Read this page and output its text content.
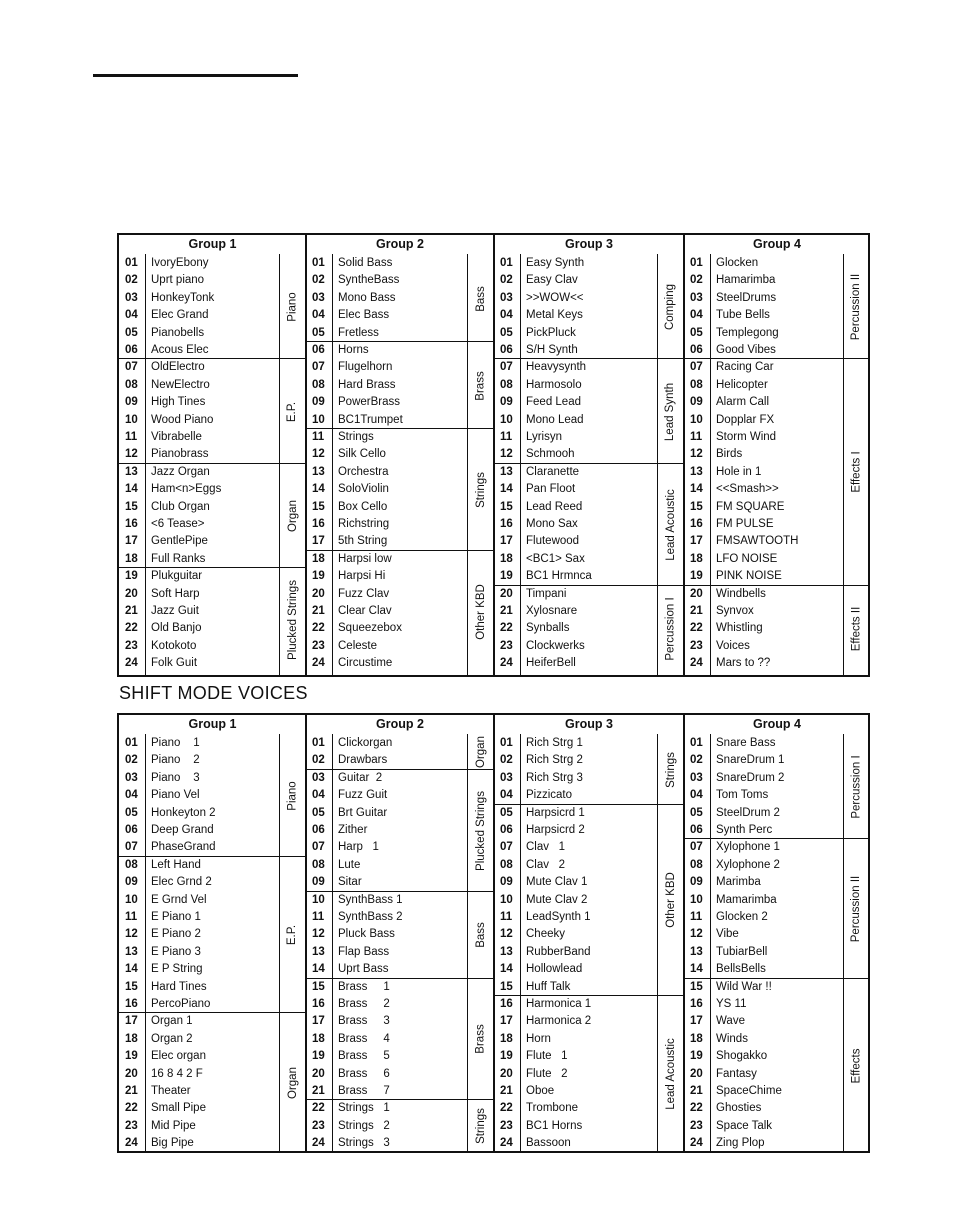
Group 1
01 IvoryEbony
02 Uprt piano
03 HonkeyTonk
04 Elec Grand
05 Pianobells
06 Acous Elec
07 OldElectro
08 NewElectro
09 High Tines
10 Wood Piano
11 Vibrabelle
12 Pianobrass
13 Jazz Organ
14 Ham<n>Eggs
15 Club Organ
16 <6 Tease>
17 GentlePipe
18 Full Ranks
19 Plukguitar
20 Soft Harp
21 Jazz Guit
22 Old Banjo
23 Kotokoto
24 Folk Guit
Piano
E.P.
Organ
Plucked Strings
Group 2
01 Solid Bass
02 SyntheBass
03 Mono Bass
04 Elec Bass
05 Fretless
06 Horns
07 Flugelhorn
08 Hard Brass
09 PowerBrass
10 BC1Trumpet
11 Strings
12 Silk Cello
13 Orchestra
14 SoloViolin
15 Box Cello
16 Richstring
17 5th String
18 Harpsi low
19 Harpsi Hi
20 Fuzz Clav
21 Clear Clav
22 Squeezebox
23 Celeste
24 Circustime
Bass
Brass
Strings
Other KBD
Group 3
01 Easy Synth
02 Easy Clav
03 >>WOW<<
04 Metal Keys
05 PickPluck
06 S/H Synth
07 Heavysynth
08 Harmosolo
09 Feed Lead
10 Mono Lead
11 Lyrisyn
12 Schmooh
13 Claranette
14 Pan Floot
15 Lead Reed
16 Mono Sax
17 Flutewood
18 <BC1> Sax
19 BC1 Hrmnca
20 Timpani
21 Xylosnare
22 Synballs
23 Clockwerks
24 HeiferBell
Comping
Lead Synth
Lead Acoustic
Percussion I
Group 4
01 Glocken
02 Hamarimba
03 SteelDrums
04 Tube Bells
05 Templegong
06 Good Vibes
07 Racing Car
08 Helicopter
09 Alarm Call
10 Dopplar FX
11 Storm Wind
12 Birds
13 Hole in 1
14 <<Smash>>
15 FM SQUARE
16 FM PULSE
17 FMSAWTOOTH
18 LFO NOISE
19 PINK NOISE
20 Windbells
21 Synvox
22 Whistling
23 Voices
24 Mars to ??
Percussion II
Effects I
Effects II
SHIFT MODE VOICES
Group 1
01 Piano    1
02 Piano    2
03 Piano    3
04 Piano Vel
05 Honkeyton 2
06 Deep Grand
07 PhaseGrand
08 Left Hand
09 Elec Grnd 2
10 E Grnd Vel
11 E Piano 1
12 E Piano 2
13 E Piano 3
14 E P String
15 Hard Tines
16 PercoPiano
17 Organ 1
18 Organ 2
19 Elec organ
20 16 8 4 2 F
21 Theater
22 Small Pipe
23 Mid Pipe
24 Big Pipe
Piano
E.P.
Organ
Group 2
01 Clickorgan
02 Drawbars
03 Guitar  2
04 Fuzz Guit
05 Brt Guitar
06 Zither
07 Harp   1
08 Lute
09 Sitar
10 SynthBass 1
11 SynthBass 2
12 Pluck Bass
13 Flap Bass
14 Uprt Bass
15 Brass     1
16 Brass     2
17 Brass     3
18 Brass     4
19 Brass     5
20 Brass     6
21 Brass     7
22 Strings   1
23 Strings   2
24 Strings   3
Organ
Plucked Strings
Bass
Brass
Strings
Group 3
01 Rich Strg 1
02 Rich Strg 2
03 Rich Strg 3
04 Pizzicato
05 Harpsicrd 1
06 Harpsicrd 2
07 Clav   1
08 Clav   2
09 Mute Clav 1
10 Mute Clav 2
11 LeadSynth 1
12 Cheeky
13 RubberBand
14 Hollowlead
15 Huff Talk
16 Harmonica 1
17 Harmonica 2
18 Horn
19 Flute   1
20 Flute   2
21 Oboe
22 Trombone
23 BC1 Horns
24 Bassoon
Strings
Other KBD
Lead Acoustic
Group 4
01 Snare Bass
02 SnareDrum 1
03 SnareDrum 2
04 Tom Toms
05 SteelDrum 2
06 Synth Perc
07 Xylophone 1
08 Xylophone 2
09 Marimba
10 Mamarimba
11 Glocken 2
12 Vibe
13 TubiarBell
14 BellsBells
15 Wild War !!
16 YS 11
17 Wave
18 Winds
19 Shogakko
20 Fantasy
21 SpaceChime
22 Ghosties
23 Space Talk
24 Zing Plop
Percussion I
Percussion II
Effects
